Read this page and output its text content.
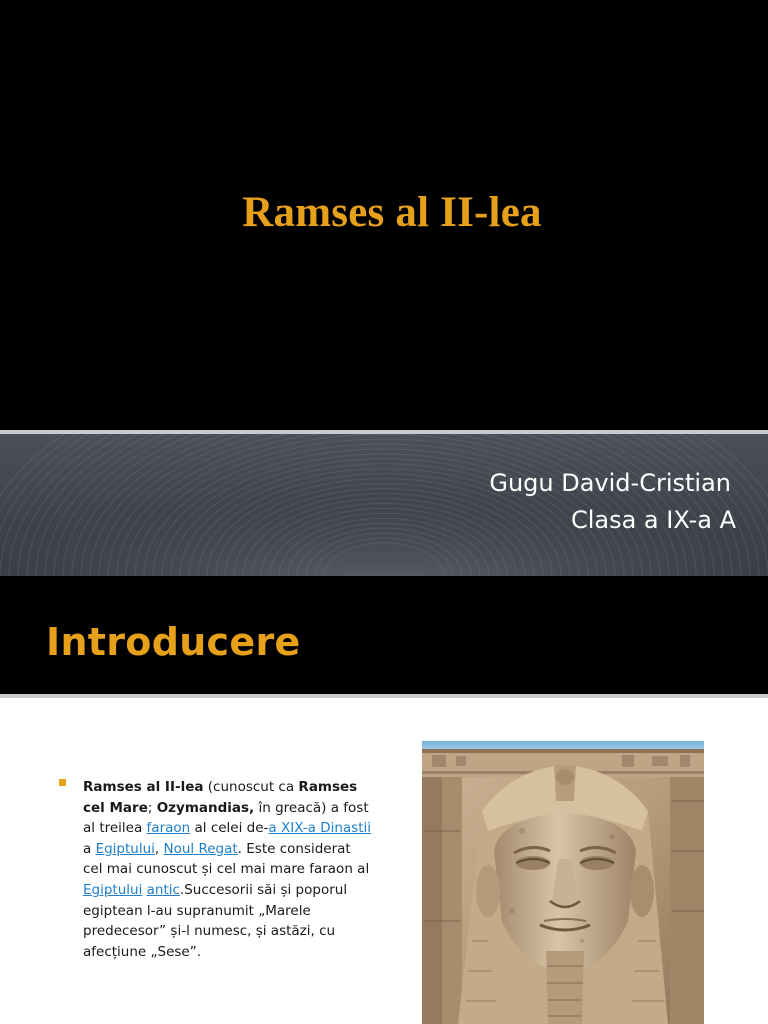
Ramses al II-lea
Gugu David-Cristian
Clasa a IX-a A
Introducere
Ramses al II-lea (cunoscut ca Ramses cel Mare; Ozymandias, în greacă) a fost al treilea faraon al celei de-a XIX-a Dinastii a Egiptului, Noul Regat. Este considerat cel mai cunoscut și cel mai mare faraon al Egiptului antic.Succesorii săi și poporul egiptean l-au supranumit „Marele predecesor” și-l numesc, și astăzi, cu afecțiune „Sese”.
